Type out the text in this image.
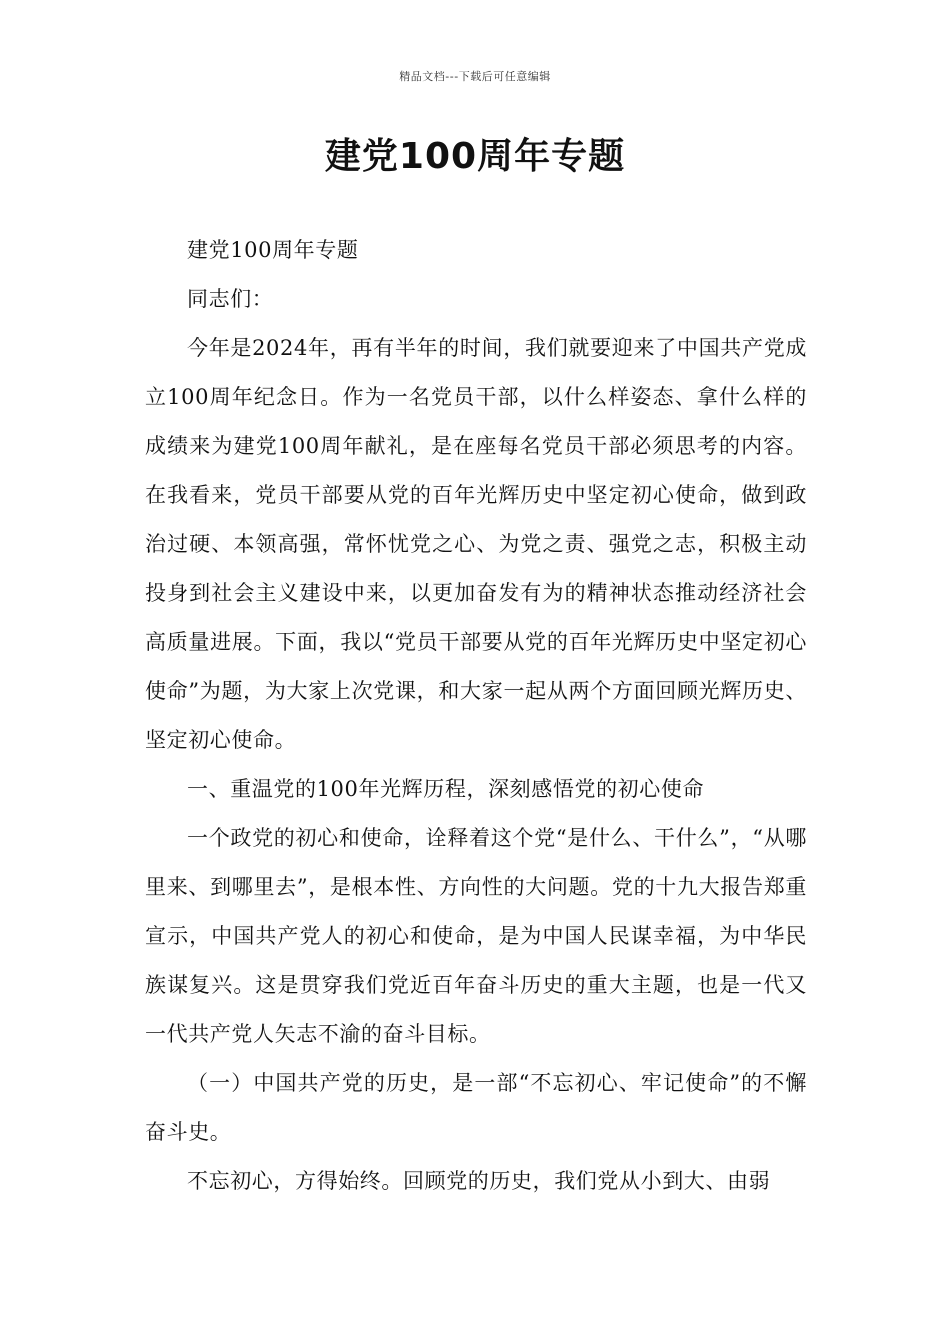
精品文档---下载后可任意编辑
建党100周年专题

建党100周年专题

同志们：

今年是2024年，再有半年的时间，我们就要迎来了中国共产党成立100周年纪念日。作为一名党员干部，以什么样姿态、拿什么样的成绩来为建党100周年献礼，是在座每名党员干部必须思考的内容。在我看来，党员干部要从党的百年光辉历史中坚定初心使命，做到政治过硬、本领高强，常怀忧党之心、为党之责、强党之志，积极主动投身到社会主义建设中来，以更加奋发有为的精神状态推动经济社会高质量进展。下面，我以“党员干部要从党的百年光辉历史中坚定初心使命”为题，为大家上次党课，和大家一起从两个方面回顾光辉历史、坚定初心使命。

一、重温党的100年光辉历程，深刻感悟党的初心使命

一个政党的初心和使命，诠释着这个党“是什么、干什么”，“从哪里来、到哪里去”，是根本性、方向性的大问题。党的十九大报告郑重宣示，中国共产党人的初心和使命，是为中国人民谋幸福，为中华民族谋复兴。这是贯穿我们党近百年奋斗历史的重大主题，也是一代又一代共产党人矢志不渝的奋斗目标。

（一）中国共产党的历史，是一部“不忘初心、牢记使命”的不懈奋斗史。

不忘初心，方得始终。回顾党的历史，我们党从小到大、由弱
